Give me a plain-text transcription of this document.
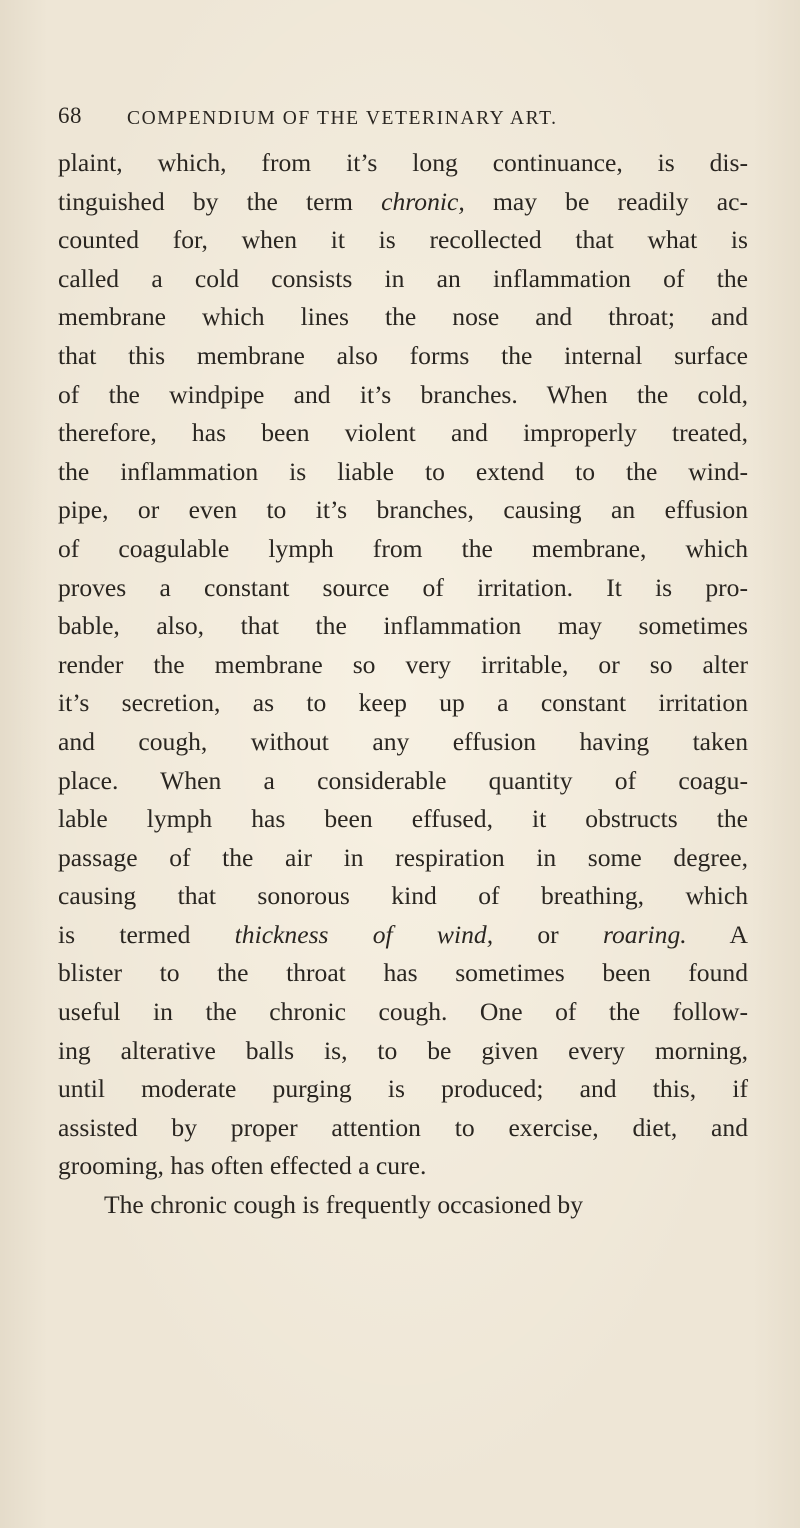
68 COMPENDIUM OF THE VETERINARY ART.
plaint, which, from it’s long continuance, is dis-
tinguished by the term chronic, may be readily ac-
counted for, when it is recollected that what is
called a cold consists in an inflammation of the
membrane which lines the nose and throat; and
that this membrane also forms the internal surface
of the windpipe and it’s branches. When the cold,
therefore, has been violent and improperly treated,
the inflammation is liable to extend to the wind-
pipe, or even to it’s branches, causing an effusion
of coagulable lymph from the membrane, which
proves a constant source of irritation. It is pro-
bable, also, that the inflammation may sometimes
render the membrane so very irritable, or so alter
it’s secretion, as to keep up a constant irritation
and cough, without any effusion having taken
place. When a considerable quantity of coagu-
lable lymph has been effused, it obstructs the
passage of the air in respiration in some degree,
causing that sonorous kind of breathing, which
is termed thickness of wind, or roaring. A
blister to the throat has sometimes been found
useful in the chronic cough. One of the follow-
ing alterative balls is, to be given every morning,
until moderate purging is produced; and this, if
assisted by proper attention to exercise, diet, and
grooming, has often effected a cure.
The chronic cough is frequently occasioned by
